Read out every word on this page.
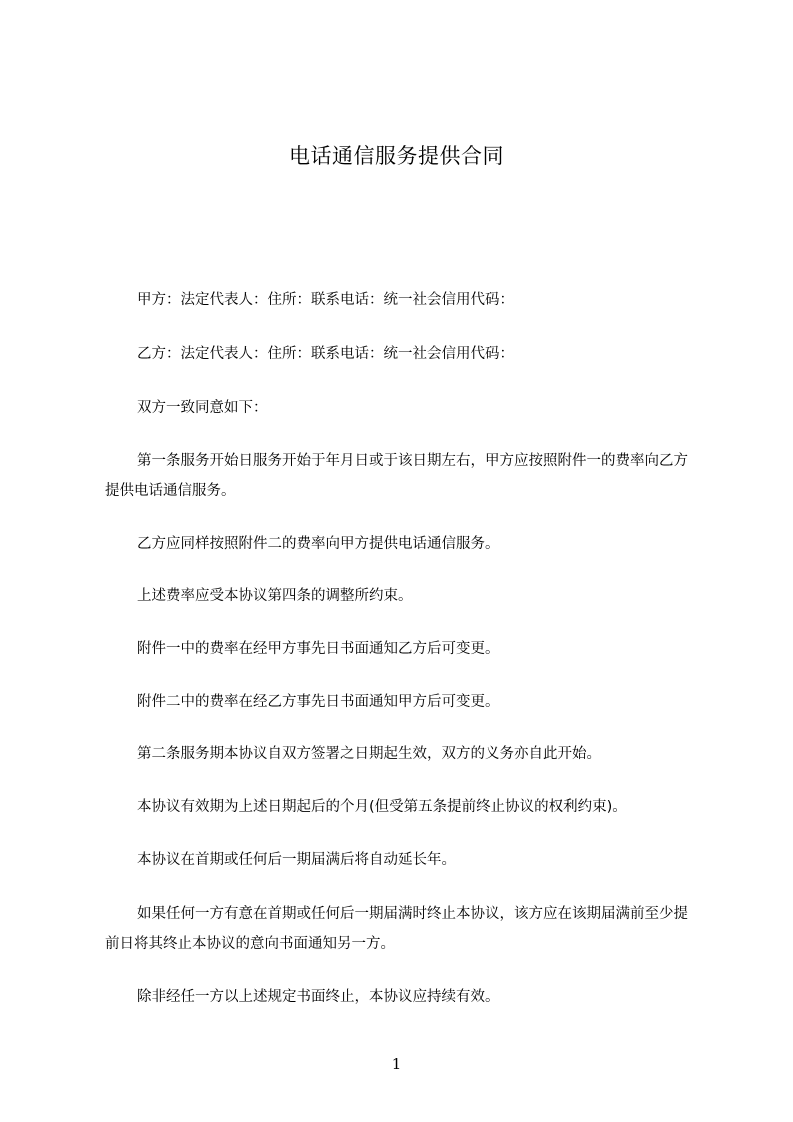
电话通信服务提供合同
甲方：法定代表人：住所：联系电话：统一社会信用代码：
乙方：法定代表人：住所：联系电话：统一社会信用代码：
双方一致同意如下：
第一条服务开始日服务开始于年月日或于该日期左右，甲方应按照附件一的费率向乙方提供电话通信服务。
乙方应同样按照附件二的费率向甲方提供电话通信服务。
上述费率应受本协议第四条的调整所约束。
附件一中的费率在经甲方事先日书面通知乙方后可变更。
附件二中的费率在经乙方事先日书面通知甲方后可变更。
第二条服务期本协议自双方签署之日期起生效，双方的义务亦自此开始。
本协议有效期为上述日期起后的个月(但受第五条提前终止协议的权利约束)。
本协议在首期或任何后一期届满后将自动延长年。
如果任何一方有意在首期或任何后一期届满时终止本协议，该方应在该期届满前至少提前日将其终止本协议的意向书面通知另一方。
除非经任一方以上述规定书面终止，本协议应持续有效。
1
